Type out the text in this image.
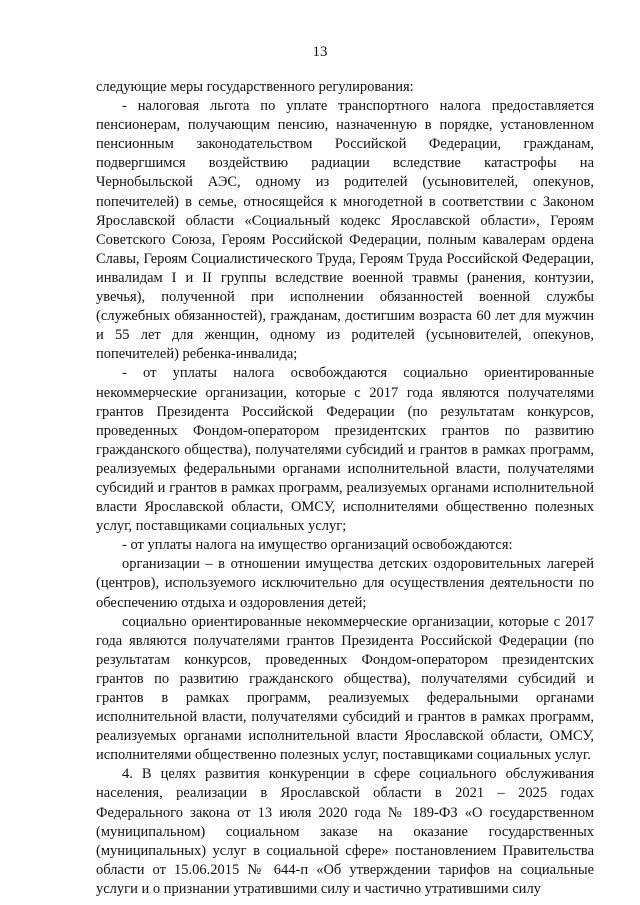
13

следующие меры государственного регулирования:

- налоговая льгота по уплате транспортного налога предоставляется пенсионерам, получающим пенсию, назначенную в порядке, установленном пенсионным законодательством Российской Федерации, гражданам, подвергшимся воздействию радиации вследствие катастрофы на Чернобыльской АЭС, одному из родителей (усыновителей, опекунов, попечителей) в семье, относящейся к многодетной в соответствии с Законом Ярославской области «Социальный кодекс Ярославской области», Героям Советского Союза, Героям Российской Федерации, полным кавалерам ордена Славы, Героям Социалистического Труда, Героям Труда Российской Федерации, инвалидам I и II группы вследствие военной травмы (ранения, контузии, увечья), полученной при исполнении обязанностей военной службы (служебных обязанностей), гражданам, достигшим возраста 60 лет для мужчин и 55 лет для женщин, одному из родителей (усыновителей, опекунов, попечителей) ребенка-инвалида;

- от уплаты налога освобождаются социально ориентированные некоммерческие организации, которые с 2017 года являются получателями грантов Президента Российской Федерации (по результатам конкурсов, проведенных Фондом-оператором президентских грантов по развитию гражданского общества), получателями субсидий и грантов в рамках программ, реализуемых федеральными органами исполнительной власти, получателями субсидий и грантов в рамках программ, реализуемых органами исполнительной власти Ярославской области, ОМСУ, исполнителями общественно полезных услуг, поставщиками социальных услуг;

- от уплаты налога на имущество организаций освобождаются:

организации – в отношении имущества детских оздоровительных лагерей (центров), используемого исключительно для осуществления деятельности по обеспечению отдыха и оздоровления детей;

социально ориентированные некоммерческие организации, которые с 2017 года являются получателями грантов Президента Российской Федерации (по результатам конкурсов, проведенных Фондом-оператором президентских грантов по развитию гражданского общества), получателями субсидий и грантов в рамках программ, реализуемых федеральными органами исполнительной власти, получателями субсидий и грантов в рамках программ, реализуемых органами исполнительной власти Ярославской области, ОМСУ, исполнителями общественно полезных услуг, поставщиками социальных услуг.

4. В целях развития конкуренции в сфере социального обслуживания населения, реализации в Ярославской области в 2021 – 2025 годах Федерального закона от 13 июля 2020 года № 189-ФЗ «О государственном (муниципальном) социальном заказе на оказание государственных (муниципальных) услуг в социальной сфере» постановлением Правительства области от 15.06.2015 № 644-п «Об утверждении тарифов на социальные услуги и о признании утратившими силу и частично утратившими силу
